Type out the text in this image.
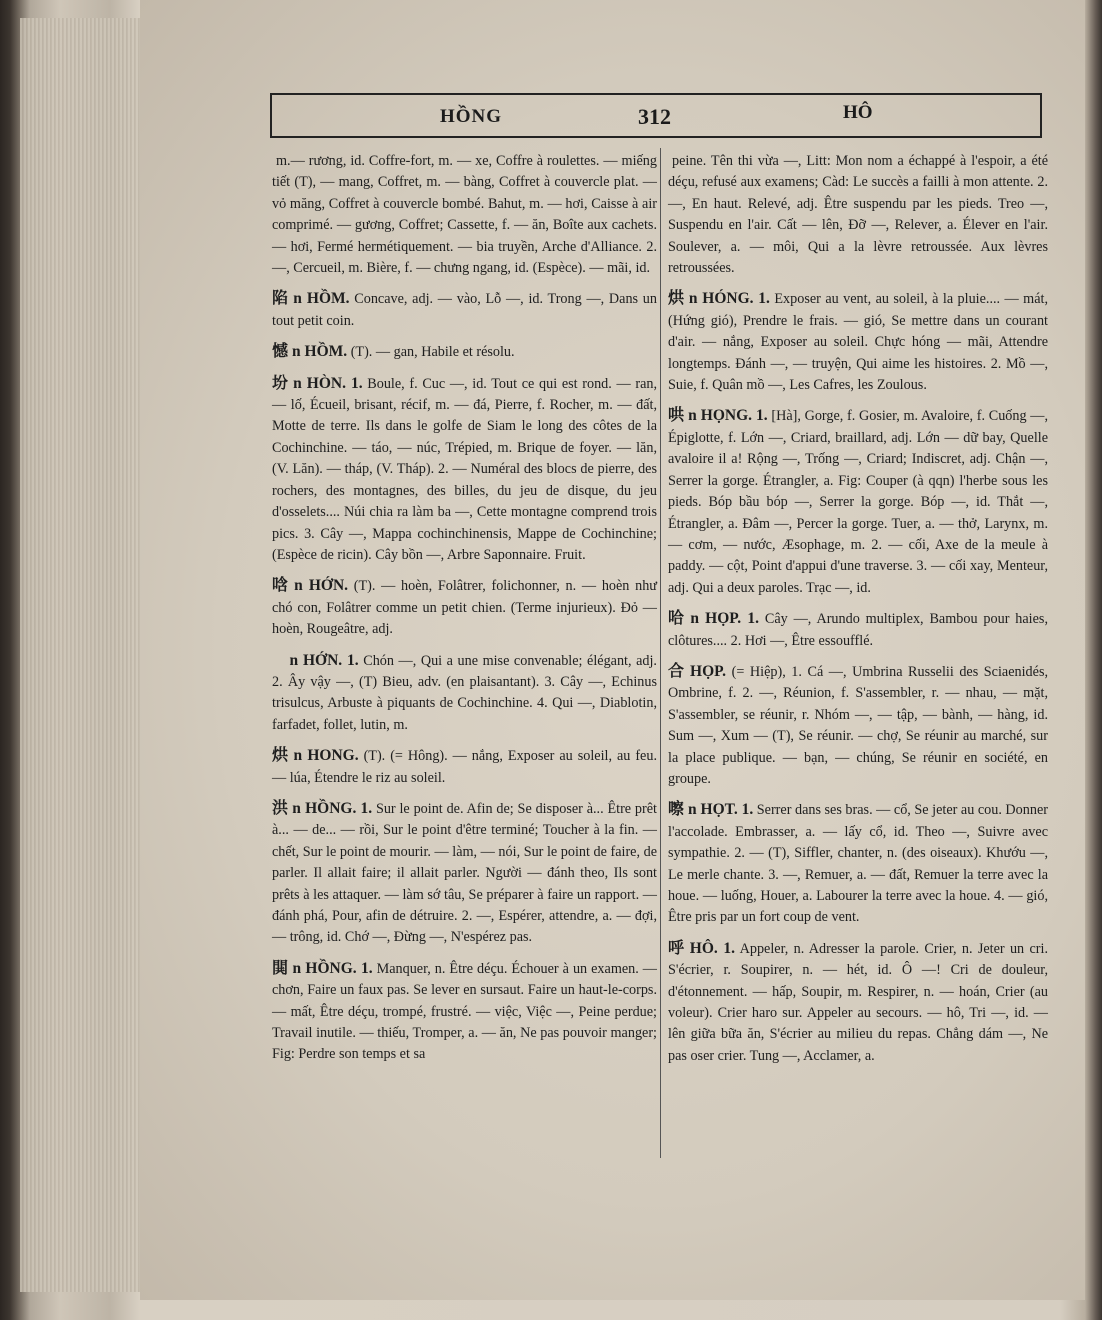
HỒNG	312	HÔ

m.— rương, id. Coffre-fort, m. — xe, Coffre à roulettes. — miếng tiết (T), — mang, Coffret, m. — bàng, Coffret à couvercle plat. — vỏ măng, Coffret à couvercle bombé. Bahut, m. — hơi, Caisse à air comprimé. — gương, Coffret; Cassette, f. — ăn, Boîte aux cachets. — hơi, Fermé hermétiquement. — bia truyền, Arche d'Alliance. 2. —, Cercueil, m. Bière, f. — chưng ngang, id. (Espèce). — mãi, id.

陷 n HỒM. Concave, adj. — vào, Lỗ —, id. Trong —, Dans un tout petit coin.

憾 n HỒM. (T). — gan, Habile et résolu.

坋 n HÒN. 1. Boule, f. Cuc —, id. Tout ce qui est rond. — ran, — lố, Écueil, brisant, récif, m. — đá, Pierre, f. Rocher, m. — đất, Motte de terre. Ils dans le golfe de Siam le long des côtes de la Cochinchine. — táo, — núc, Trépied, m. Brique de foyer. — lăn, (V. Lăn). — tháp, (V. Tháp). 2. — Numéral des blocs de pierre, des rochers, des montagnes, des billes, du jeu de disque, du jeu d'osselets.... Núi chia ra làm ba —, Cette montagne comprend trois pics. 3. Cây —, Mappa cochinchinensis, Mappe de Cochinchine; (Espèce de ricin). Cây bồn —, Arbre Saponnaire. Fruit.

唅 n HỚN. (T). — hoèn, Folâtrer, folichonner, n. — hoèn như chó con, Folâtrer comme un petit chien. (Terme injurieux). Đỏ — hoèn, Rougeâtre, adj.

𠼤 n HỚN. 1. Chón —, Qui a une mise convenable; élégant, adj. 2. Ây vậy —, (T) Bieu, adv. (en plaisantant). 3. Cây —, Echinus trisulcus, Arbuste à piquants de Cochinchine. 4. Qui —, Diablotin, farfadet, follet, lutin, m.

烘 n HONG. (T). (= Hông). — nắng, Exposer au soleil, au feu. — lúa, Étendre le riz au soleil.

洪 n HỒNG. 1. Sur le point de. Afin de; Se disposer à... Être prêt à... — de... — rồi, Sur le point d'être terminé; Toucher à la fin. — chết, Sur le point de mourir. — làm, — nói, Sur le point de faire, de parler. Il allait faire; il allait parler. Người — đánh theo, Ils sont prêts à les attaquer. — làm sớ tâu, Se préparer à faire un rapport. — đánh phá, Pour, afin de détruire. 2. —, Espérer, attendre, a. — đợi, — trông, id. Chớ —, Đừng —, N'espérez pas.

閧 n HỒNG. 1. Manquer, n. Être déçu. Échouer à un examen. — chơn, Faire un faux pas. Se lever en sursaut. Faire un haut-le-corps. — mất, Être déçu, trompé, frustré. — việc, Việc —, Peine perdue; Travail inutile. — thiếu, Tromper, a. — ăn, Ne pas pouvoir manger; Fig: Perdre son temps et sa

peine. Tên thi vừa —, Litt: Mon nom a échappé à l'espoir, a été déçu, refusé aux examens; Càd: Le succès a failli à mon attente. 2. —, En haut. Relevé, adj. Être suspendu par les pieds. Treo —, Suspendu en l'air. Cất — lên, Đỡ —, Relever, a. Élever en l'air. Soulever, a. — môi, Qui a la lèvre retroussée. Aux lèvres retroussées.

烘 n HÓNG. 1. Exposer au vent, au soleil, à la pluie.... — mát, (Hứng gió), Prendre le frais. — gió, Se mettre dans un courant d'air. — nắng, Exposer au soleil. Chực hóng — mãi, Attendre longtemps. Đánh —, — truyện, Qui aime les histoires. 2. Mồ —, Suie, f. Quân mồ —, Les Cafres, les Zoulous.

哄 n HỌNG. 1. [Hà], Gorge, f. Gosier, m. Avaloire, f. Cuống —, Épiglotte, f. Lớn —, Criard, braillard, adj. Lớn — dữ bay, Quelle avaloire il a! Rộng —, Trống —, Criard; Indiscret, adj. Chận —, Serrer la gorge. Étrangler, a. Fig: Couper (à qqn) l'herbe sous les pieds. Bóp bầu bóp —, Serrer la gorge. Bóp —, id. Thắt —, Étrangler, a. Đâm —, Percer la gorge. Tuer, a. — thở, Larynx, m. — cơm, — nước, Æsophage, m. 2. — cối, Axe de la meule à paddy. — cột, Point d'appui d'une traverse. 3. — cối xay, Menteur, adj. Qui a deux paroles. Trạc —, id.

哈 n HỌP. 1. Cây —, Arundo multiplex, Bambou pour haies, clôtures.... 2. Hơi —, Être essoufflé.

合 HỌP. (= Hiệp), 1. Cá —, Umbrina Russelii des Sciaenidés, Ombrine, f. 2. —, Réunion, f. S'assembler, r. — nhau, — mặt, S'assembler, se réunir, r. Nhóm —, — tập, — bành, — hàng, id. Sum —, Xum — (T), Se réunir. — chợ, Se réunir au marché, sur la place publique. — bạn, — chúng, Se réunir en société, en groupe.

嚓 n HỌT. 1. Serrer dans ses bras. — cổ, Se jeter au cou. Donner l'accolade. Embrasser, a. — lấy cổ, id. Theo —, Suivre avec sympathie. 2. — (T), Siffler, chanter, n. (des oiseaux). Khướu —, Le merle chante. 3. —, Remuer, a. — đất, Remuer la terre avec la houe. — luống, Houer, a. Labourer la terre avec la houe. 4. — gió, Être pris par un fort coup de vent.

呼 HÔ. 1. Appeler, n. Adresser la parole. Crier, n. Jeter un cri. S'écrier, r. Soupirer, n. — hét, id. Ô —! Cri de douleur, d'étonnement. — hấp, Soupir, m. Respirer, n. — hoán, Crier (au voleur). Crier haro sur. Appeler au secours. — hô, Tri —, id. — lên giữa bữa ăn, S'écrier au milieu du repas. Chẳng dám —, Ne pas oser crier. Tung —, Acclamer, a.
